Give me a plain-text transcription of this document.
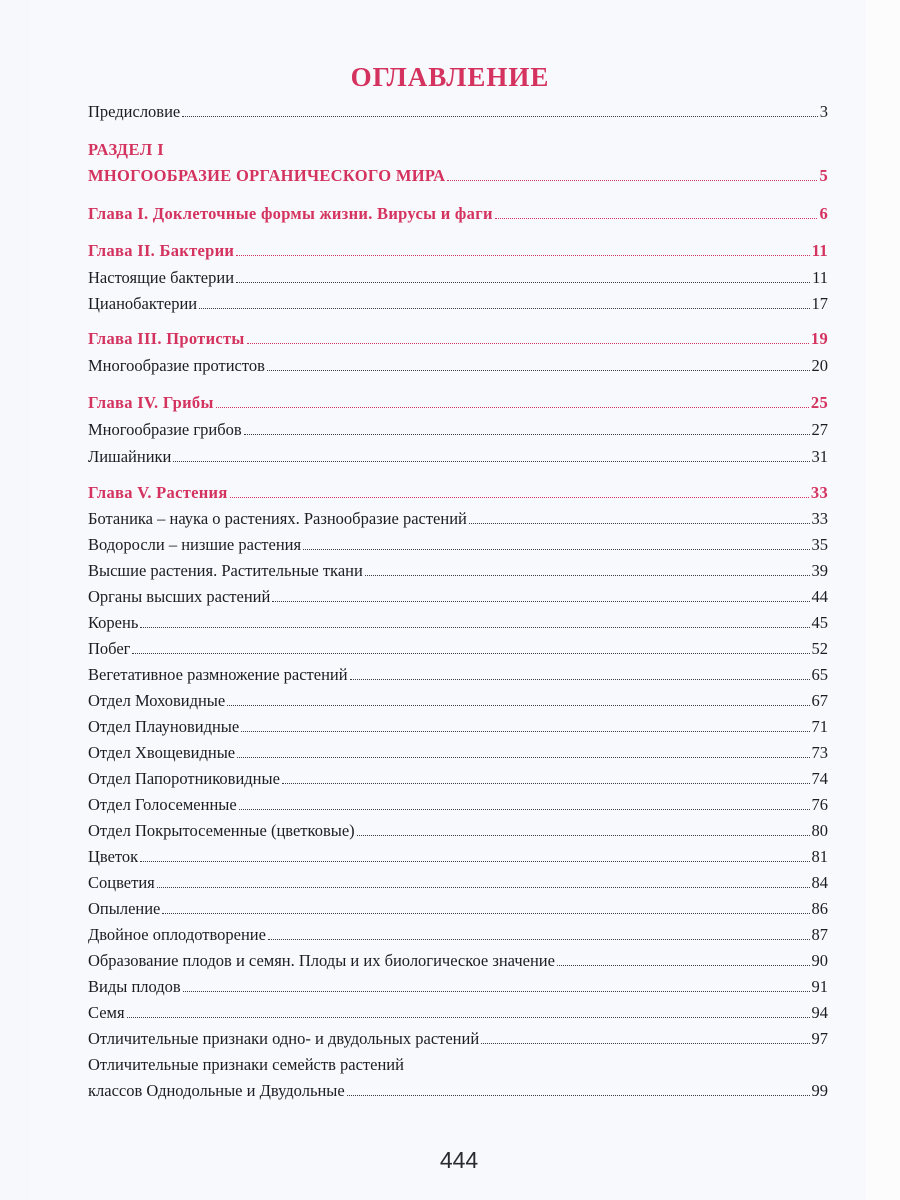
ОГЛАВЛЕНИЕ
Предисловие	3
РАЗДЕЛ I
МНОГООБРАЗИЕ ОРГАНИЧЕСКОГО МИРА	5
Глава I. Доклеточные формы жизни. Вирусы и фаги	6
Глава II. Бактерии	11
Настоящие бактерии	11
Цианобактерии	17
Глава III. Протисты	19
Многообразие протистов	20
Глава IV. Грибы	25
Многообразие грибов	27
Лишайники	31
Глава V. Растения	33
Ботаника – наука о растениях. Разнообразие растений	33
Водоросли – низшие растения	35
Высшие растения. Растительные ткани	39
Органы высших растений	44
Корень	45
Побег	52
Вегетативное размножение растений	65
Отдел Моховидные	67
Отдел Плауновидные	71
Отдел Хвощевидные	73
Отдел Папоротниковидные	74
Отдел Голосеменные	76
Отдел Покрытосеменные (цветковые)	80
Цветок	81
Соцветия	84
Опыление	86
Двойное оплодотворение	87
Образование плодов и семян. Плоды и их биологическое значение	90
Виды плодов	91
Семя	94
Отличительные признаки одно- и двудольных растений	97
Отличительные признаки семейств растений
классов Однодольные и Двудольные	99
444
